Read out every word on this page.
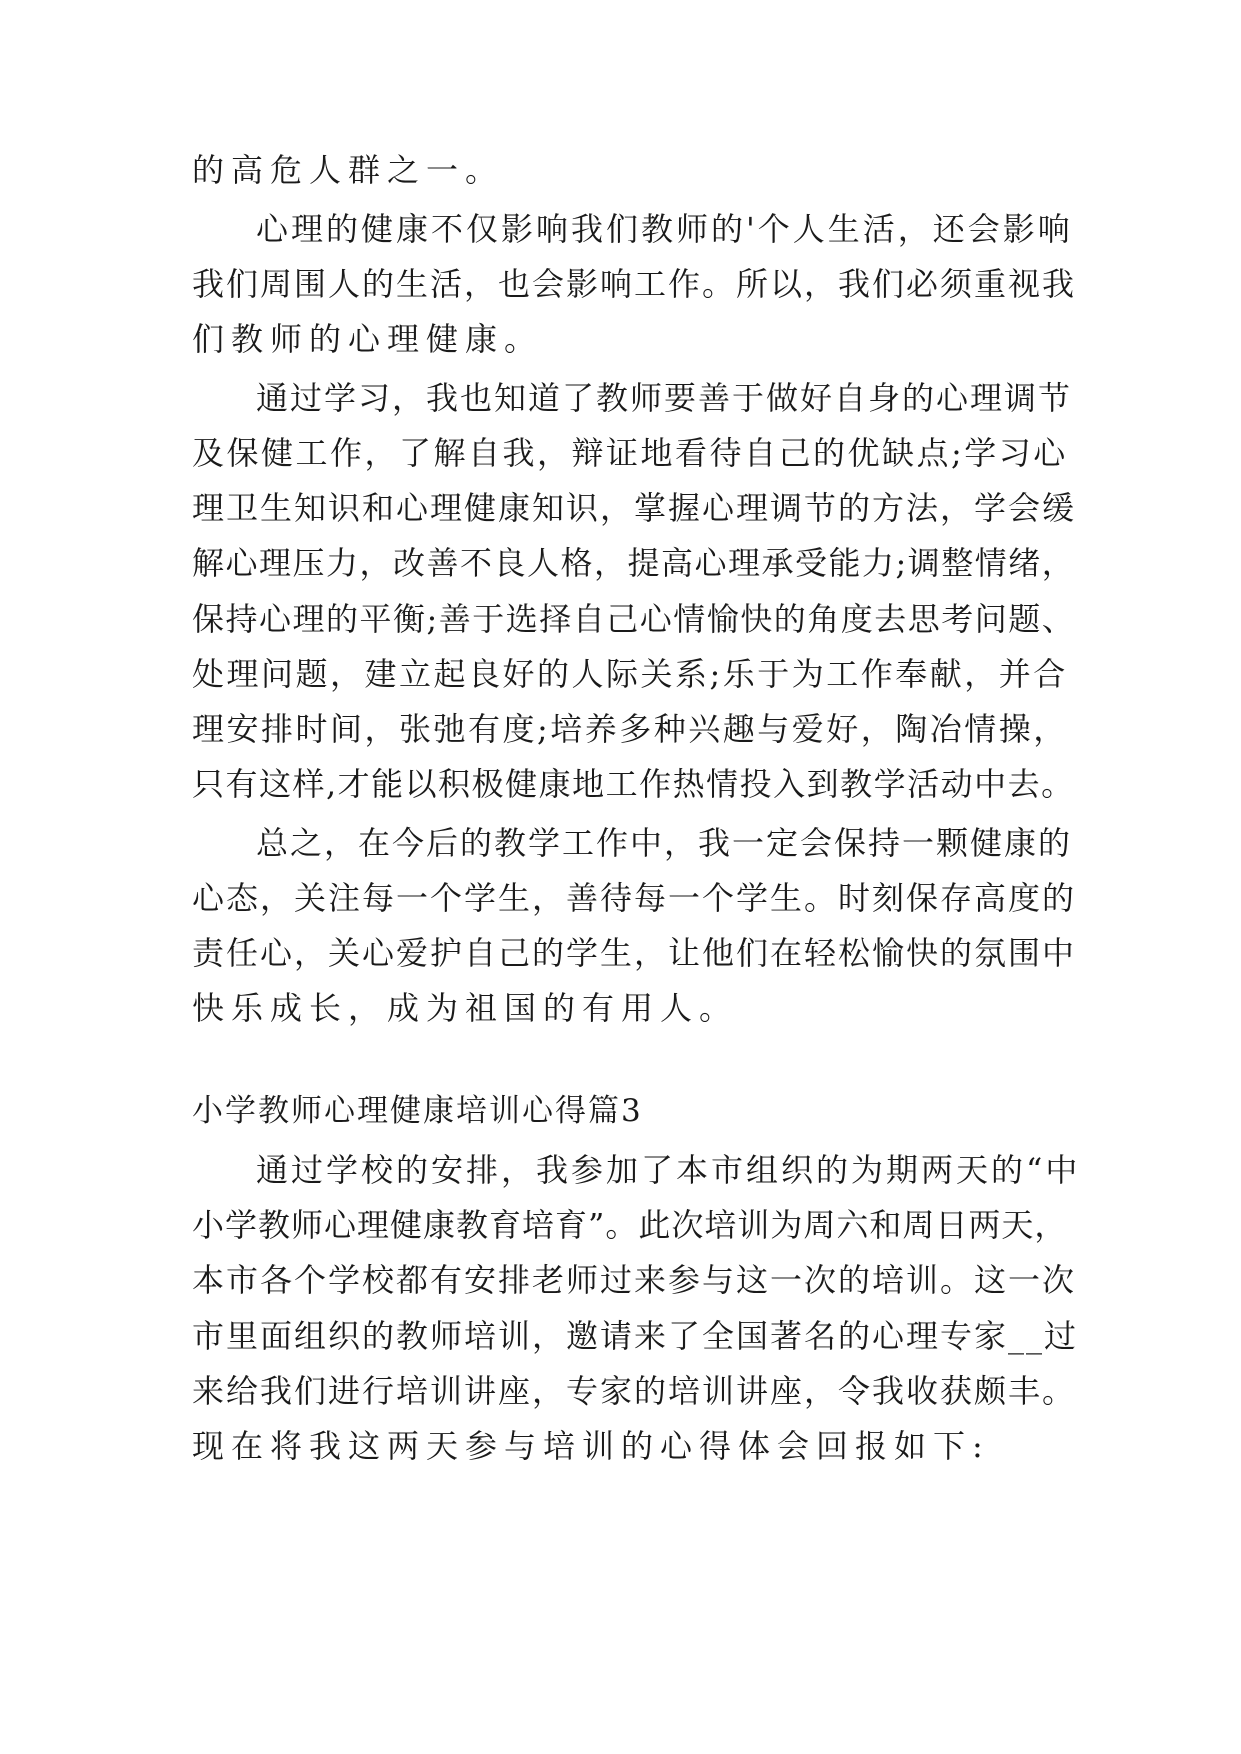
的高危人群之一。
心理的健康不仅影响我们教师的'个人生活，还会影响
我们周围人的生活，也会影响工作。所以，我们必须重视我
们教师的心理健康。
通过学习，我也知道了教师要善于做好自身的心理调节
及保健工作，了解自我，辩证地看待自己的优缺点;学习心
理卫生知识和心理健康知识，掌握心理调节的方法，学会缓
解心理压力，改善不良人格，提高心理承受能力;调整情绪，
保持心理的平衡;善于选择自己心情愉快的角度去思考问题、
处理问题，建立起良好的人际关系;乐于为工作奉献，并合
理安排时间，张弛有度;培养多种兴趣与爱好，陶冶情操，
只有这样,才能以积极健康地工作热情投入到教学活动中去。
总之，在今后的教学工作中，我一定会保持一颗健康的
心态，关注每一个学生，善待每一个学生。时刻保存高度的
责任心，关心爱护自己的学生，让他们在轻松愉快的氛围中
快乐成长，成为祖国的有用人。
小学教师心理健康培训心得篇3
通过学校的安排，我参加了本市组织的为期两天的“中
小学教师心理健康教育培育”。此次培训为周六和周日两天，
本市各个学校都有安排老师过来参与这一次的培训。这一次
市里面组织的教师培训，邀请来了全国著名的心理专家__过
来给我们进行培训讲座，专家的培训讲座，令我收获颇丰。
现在将我这两天参与培训的心得体会回报如下:
